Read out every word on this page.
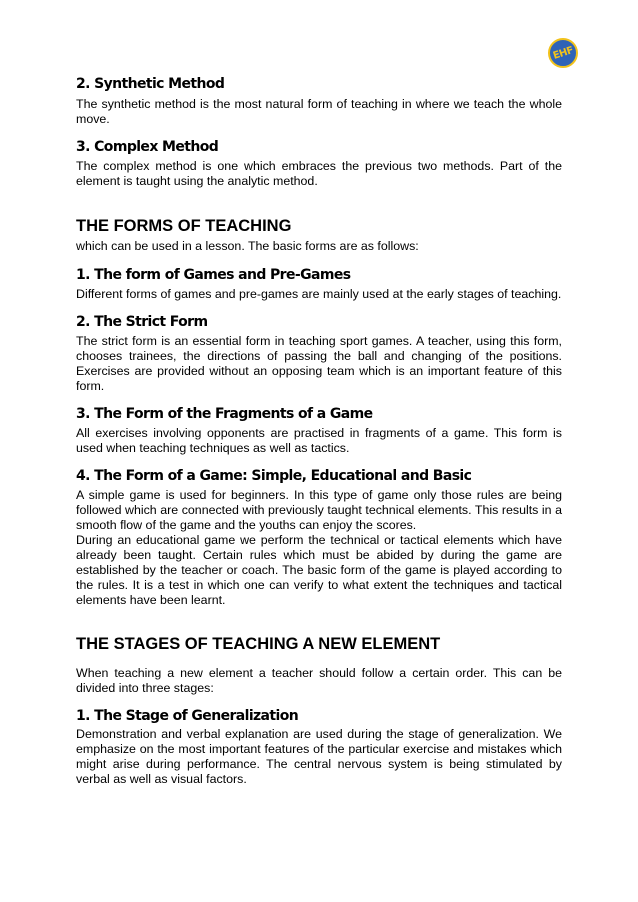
EHF
2. Synthetic Method

The synthetic method is the most natural form of teaching in where we teach the whole move.

3. Complex Method

The complex method is one which embraces the previous two methods. Part of the element is taught using the analytic method.

THE FORMS OF TEACHING

which can be used in a lesson. The basic forms are as follows:

1. The form of Games and Pre-Games

Different forms of games and pre-games are mainly used at the early stages of teaching.

2. The Strict Form

The strict form is an essential form in teaching sport games. A teacher, using this form, chooses trainees, the directions of passing the ball and changing of the positions. Exercises are provided without an opposing team which is an important feature of this form.

3. The Form of the Fragments of a Game

All exercises involving opponents are practised in fragments of a game. This form is used when teaching techniques as well as tactics.

4. The Form of a Game: Simple, Educational and Basic

A simple game is used for beginners. In this type of game only those rules are being followed which are connected with previously taught technical elements. This results in a smooth flow of the game and the youths can enjoy the scores.

During an educational game we perform the technical or tactical elements which have already been taught. Certain rules which must be abided by during the game are established by the teacher or coach. The basic form of the game is played according to the rules. It is a test in which one can verify to what extent the techniques and tactical elements have been learnt.

THE STAGES OF TEACHING A NEW ELEMENT

When teaching a new element a teacher should follow a certain order. This can be divided into three stages:

1. The Stage of Generalization

Demonstration and verbal explanation are used during the stage of generalization. We emphasize on the most important features of the particular exercise and mistakes which might arise during performance. The central nervous system is being stimulated by verbal as well as visual factors.
